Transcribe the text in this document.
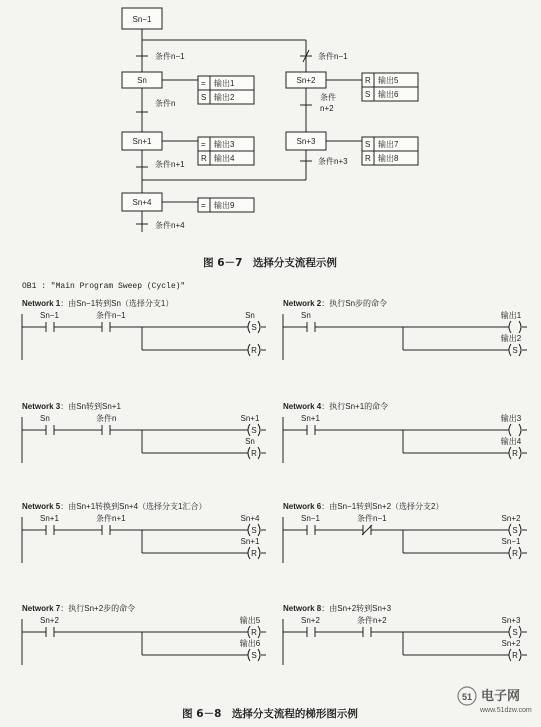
Sn−1
Sn
Sn+1
Sn+4
Sn+2
Sn+3
条件n−1
条件n
条件n+1
条件n+4
条件n−1
条件
n+2
条件n+3
= 输出1
S 输出2
= 输出3
R 输出4
= 输出9
R 输出5
S 输出6
S 输出7
R 输出8
图 6－7　选择分支流程示例
OB1 : "Main Program Sweep (Cycle)"
Network 1：由Sn−1转到Sn（选择分支1）
Sn−1	条件n−1
S
Sn
R
Network 2：执行Sn步的命令
Sn	输出1
S
输出2
Network 3：由Sn转到Sn+1
Sn	条件n
S
Sn+1
R
Sn
Network 4：执行Sn+1的命令
Sn+1	输出3
R
输出4
Network 5：由Sn+1转换到Sn+4（选择分支1汇合）
Sn+1	条件n+1
S
Sn+4
R
Sn+1
Network 6：由Sn−1转到Sn+2（选择分支2）
Sn−1	条件n−1
S
Sn+2
R
Sn−1
Network 7：执行Sn+2步的命令
Sn+2
R
输出5
S
输出6
Network 8：由Sn+2转到Sn+3
Sn+2	条件n+2
S
Sn+3
R
Sn+2
图 6－8　选择分支流程的梯形图示例
51 电子网
www.51dzw.com
